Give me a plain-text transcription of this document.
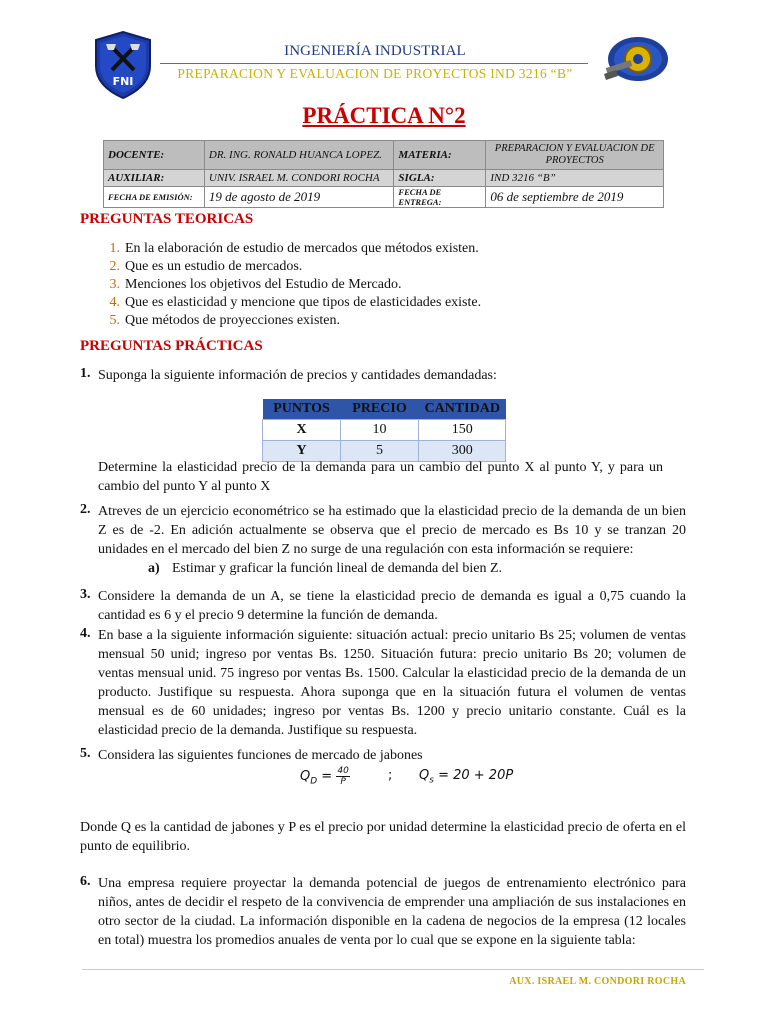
FNI
INGENIERÍA INDUSTRIAL
PREPARACION Y EVALUACION DE PROYECTOS IND 3216 “B”
PRÁCTICA N°2
DOCENTE:	DR. ING. RONALD HUANCA LOPEZ.	MATERIA:	PREPARACION Y EVALUACION DE PROYECTOS
AUXILIAR:	UNIV. ISRAEL M. CONDORI ROCHA	SIGLA:	IND 3216 “B”
FECHA DE EMISIÓN:	19 de agosto de 2019	FECHA DE ENTREGA:	06 de septiembre de 2019
PREGUNTAS TEORICAS
1. En la elaboración de estudio de mercados que métodos existen.
2. Que es un estudio de mercados.
3. Menciones los objetivos del Estudio de Mercado.
4. Que es elasticidad y mencione que tipos de elasticidades existe.
5. Que métodos de proyecciones existen.
PREGUNTAS PRÁCTICAS
1. Suponga la siguiente información de precios y cantidades demandadas:
PUNTOS	PRECIO	CANTIDAD
X	10	150
Y	5	300
Determine la elasticidad precio de la demanda para un cambio del punto X al punto Y, y para un cambio del punto Y al punto X
2. Atreves de un ejercicio econométrico se ha estimado que la elasticidad precio de la demanda de un bien Z es de -2. En adición actualmente se observa que el precio de mercado es Bs 10 y se tranzan 20 unidades en el mercado del bien Z no surge de una regulación con esta información se requiere:
a) Estimar y graficar la función lineal de demanda del bien Z.
3. Considere la demanda de un A, se tiene la elasticidad precio de demanda es igual a 0,75 cuando la cantidad es 6 y el precio 9 determine la función de demanda.
4. En base a la siguiente información siguiente: situación actual: precio unitario Bs 25; volumen de ventas mensual 50 unid; ingreso por ventas Bs. 1250. Situación futura: precio unitario Bs 20; volumen de ventas mensual unid. 75 ingreso por ventas Bs. 1500. Calcular la elasticidad precio de la demanda de un producto. Justifique su respuesta. Ahora suponga que en la situación futura el volumen de ventas mensual es de 60 unidades; ingreso por ventas Bs. 1200 y precio unitario constante. Cuál es la elasticidad precio de la demanda. Justifique su respuesta.
5. Considera las siguientes funciones de mercado de jabones
$Q_D = \frac{40}{P}$	; $Q_s = 20 + 20P$
Donde Q es la cantidad de jabones y P es el precio por unidad determine la elasticidad precio de oferta en el punto de equilibrio.
6. Una empresa requiere proyectar la demanda potencial de juegos de entrenamiento electrónico para niños, antes de decidir el respeto de la convivencia de emprender una ampliación de sus instalaciones en otro sector de la ciudad. La información disponible en la cadena de negocios de la empresa (12 locales en total) muestra los promedios anuales de venta por lo cual que se expone en la siguiente tabla:
AUX. ISRAEL M. CONDORI ROCHA
